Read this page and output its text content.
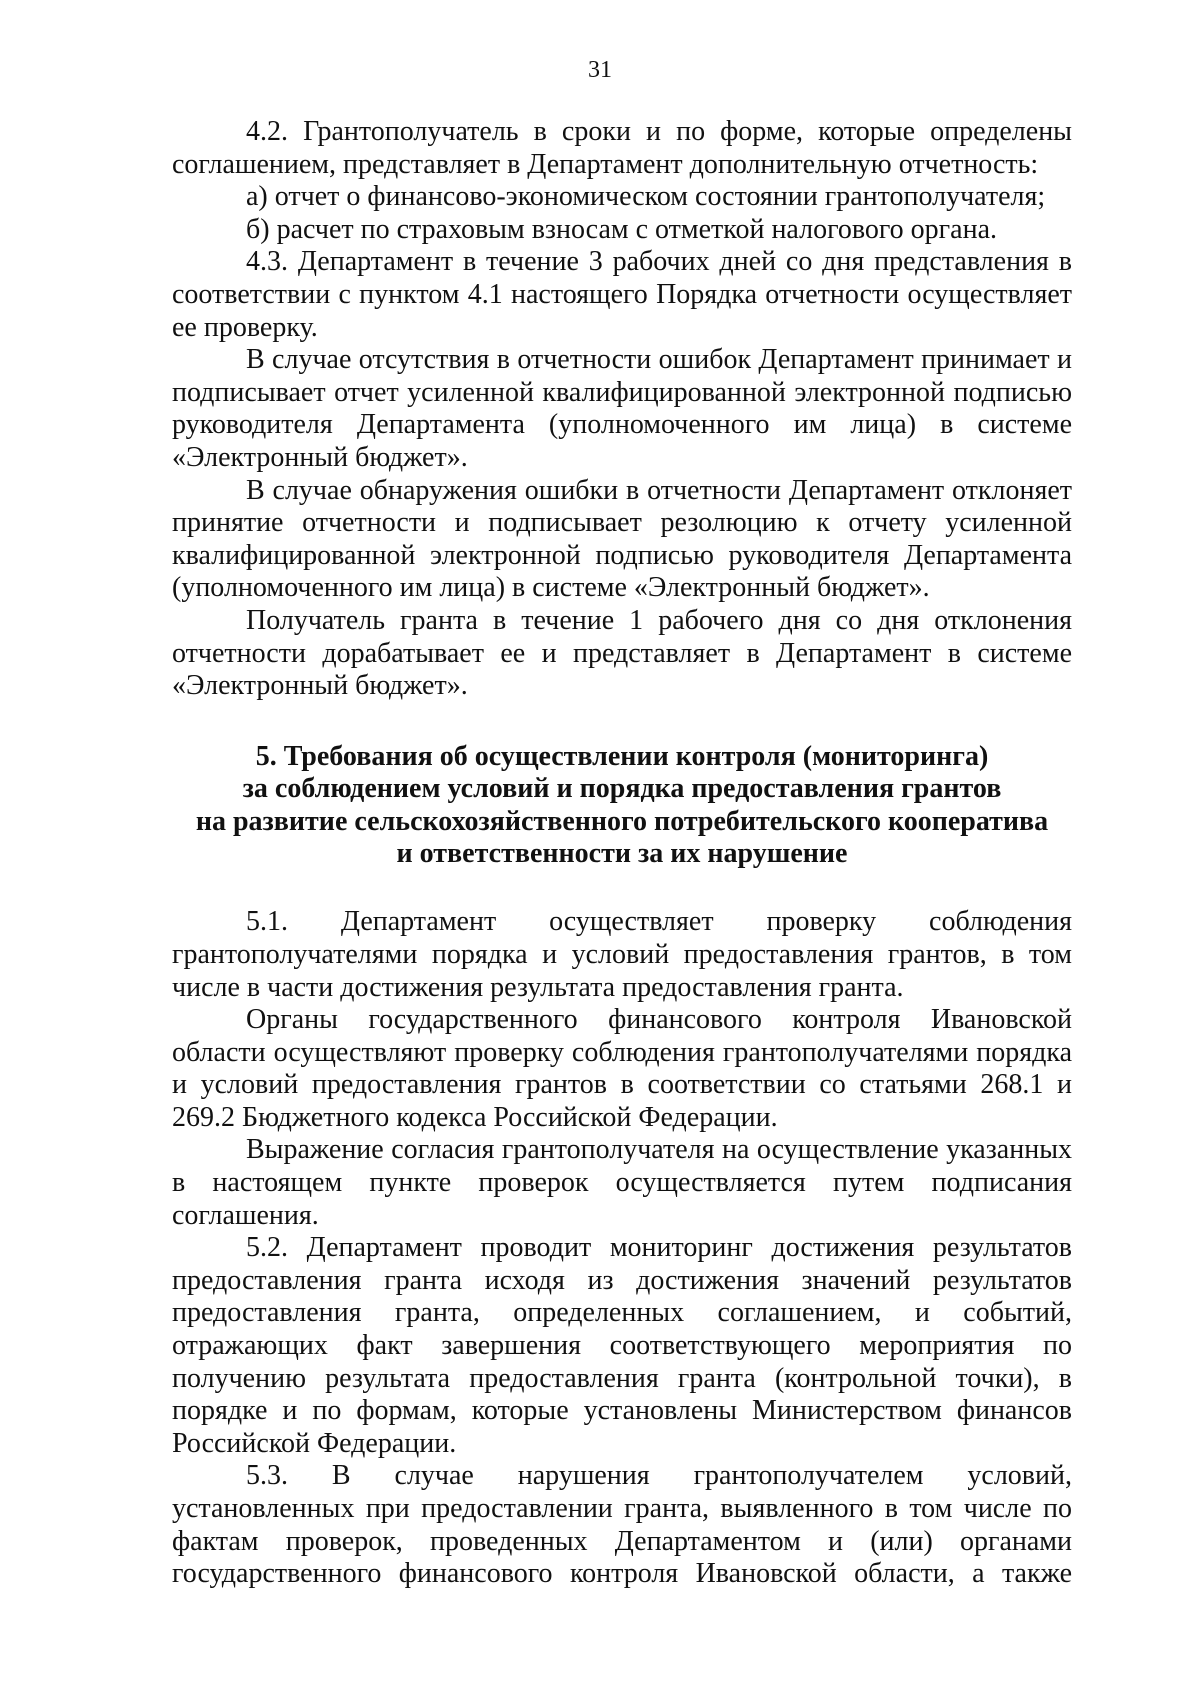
31

4.2. Грантополучатель в сроки и по форме, которые определены соглашением, представляет в Департамент дополнительную отчетность:

а) отчет о финансово-экономическом состоянии грантополучателя;

б) расчет по страховым взносам с отметкой налогового органа.

4.3. Департамент в течение 3 рабочих дней со дня представления в соответствии с пунктом 4.1 настоящего Порядка отчетности осуществляет ее проверку.

В случае отсутствия в отчетности ошибок Департамент принимает и подписывает отчет усиленной квалифицированной электронной подписью руководителя Департамента (уполномоченного им лица) в системе «Электронный бюджет».

В случае обнаружения ошибки в отчетности Департамент отклоняет принятие отчетности и подписывает резолюцию к отчету усиленной квалифицированной электронной подписью руководителя Департамента (уполномоченного им лица) в системе «Электронный бюджет».

Получатель гранта в течение 1 рабочего дня со дня отклонения отчетности дорабатывает ее и представляет в Департамент в системе «Электронный бюджет».

5. Требования об осуществлении контроля (мониторинга)
за соблюдением условий и порядка предоставления грантов
на развитие сельскохозяйственного потребительского кооператива
и ответственности за их нарушение

5.1. Департамент осуществляет проверку соблюдения грантополучателями порядка и условий предоставления грантов, в том числе в части достижения результата предоставления гранта.

Органы государственного финансового контроля Ивановской области осуществляют проверку соблюдения грантополучателями порядка и условий предоставления грантов в соответствии со статьями 268.1 и 269.2 Бюджетного кодекса Российской Федерации.

Выражение согласия грантополучателя на осуществление указанных в настоящем пункте проверок осуществляется путем подписания соглашения.

5.2. Департамент проводит мониторинг достижения результатов предоставления гранта исходя из достижения значений результатов предоставления гранта, определенных соглашением, и событий, отражающих факт завершения соответствующего мероприятия по получению результата предоставления гранта (контрольной точки), в порядке и по формам, которые установлены Министерством финансов Российской Федерации.

5.3. В случае нарушения грантополучателем условий, установленных при предоставлении гранта, выявленного в том числе по фактам проверок, проведенных Департаментом и (или) органами государственного финансового контроля Ивановской области, а также
